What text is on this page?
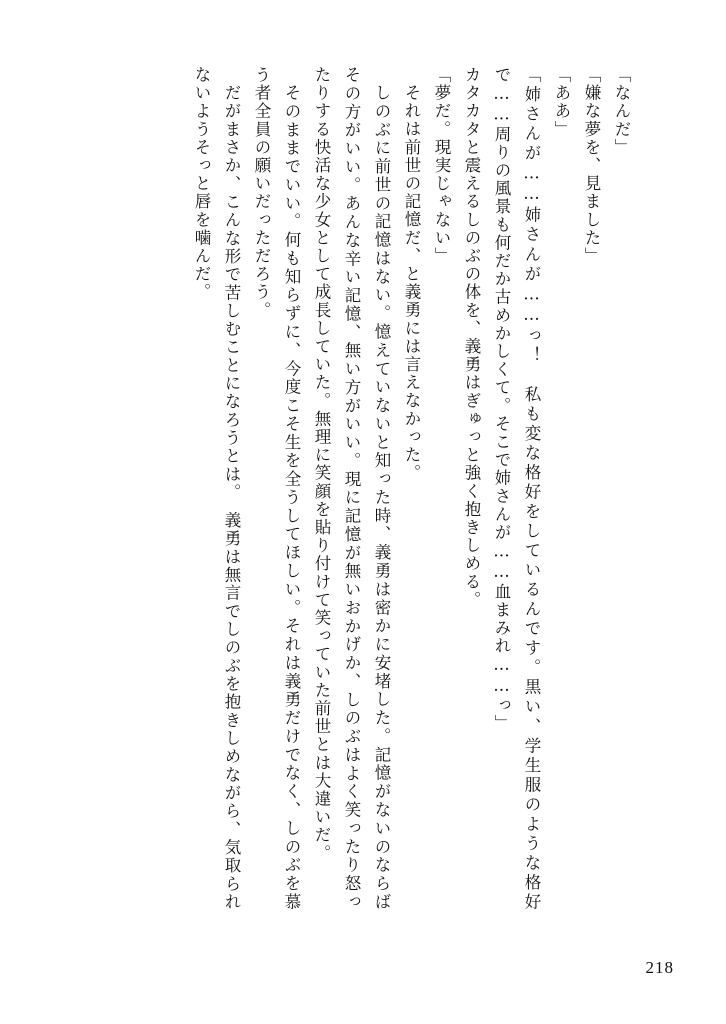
「なんだ」

「嫌な夢を、見ました」

「ああ」

「姉さんが……姉さんが……っ！　私も変な格好をしているんです。黒い、学生服のような格好で……周りの風景も何だか古めかしくて。そこで姉さんが……血まみれ……っ」

カタカタと震えるしのぶの体を、義勇はぎゅっと強く抱きしめる。

「夢だ。現実じゃない」

それは前世の記憶だ、と義勇には言えなかった。

しのぶに前世の記憶はない。憶えていないと知った時、義勇は密かに安堵した。記憶がないのならばその方がいい。あんな辛い記憶、無い方がいい。現に記憶が無いおかげか、しのぶはよく笑ったり怒ったりする快活な少女として成長していた。無理に笑顔を貼り付けて笑っていた前世とは大違いだ。

そのままでいい。何も知らずに、今度こそ生を全うしてほしい。それは義勇だけでなく、しのぶを慕う者全員の願いだっただろう。

だがまさか、こんな形で苦しむことになろうとは。　義勇は無言でしのぶを抱きしめながら、気取られないようそっと唇を噛んだ。

218
